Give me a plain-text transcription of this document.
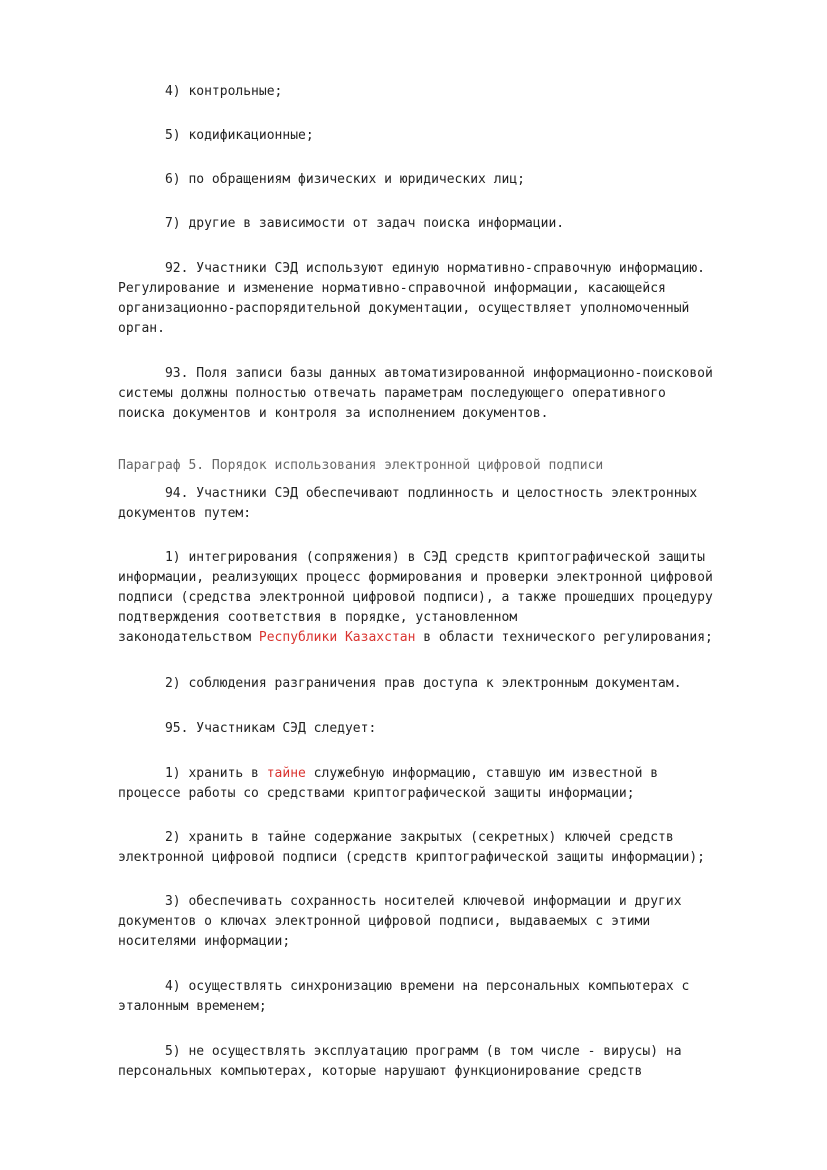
4) контрольные;

5) кодификационные;

6) по обращениям физических и юридических лиц;

7) другие в зависимости от задач поиска информации.

92. Участники СЭД используют единую нормативно-справочную информацию.
Регулирование и изменение нормативно-справочной информации, касающейся
организационно-распорядительной документации, осуществляет уполномоченный
орган.
93. Поля записи базы данных автоматизированной информационно-поисковой
системы должны полностью отвечать параметрам последующего оперативного
поиска документов и контроля за исполнением документов.

Параграф 5. Порядок использования электронной цифровой подписи

94. Участники СЭД обеспечивают подлинность и целостность электронных
документов путем:
1) интегрирования (сопряжения) в СЭД средств криптографической защиты
информации, реализующих процесс формирования и проверки электронной цифровой
подписи (средства электронной цифровой подписи), а также прошедших процедуру
подтверждения соответствия в порядке, установленном
законодательством Республики Казахстан в области технического регулирования;

2) соблюдения разграничения прав доступа к электронным документам.

95. Участникам СЭД следует:

1) хранить в тайне служебную информацию, ставшую им известной в
процессе работы со средствами криптографической защиты информации;
2) хранить в тайне содержание закрытых (секретных) ключей средств
электронной цифровой подписи (средств криптографической защиты информации);
3) обеспечивать сохранность носителей ключевой информации и других
документов о ключах электронной цифровой подписи, выдаваемых с этими
носителями информации;
4) осуществлять синхронизацию времени на персональных компьютерах с
эталонным временем;
5) не осуществлять эксплуатацию программ (в том числе - вирусы) на
персональных компьютерах, которые нарушают функционирование средств
